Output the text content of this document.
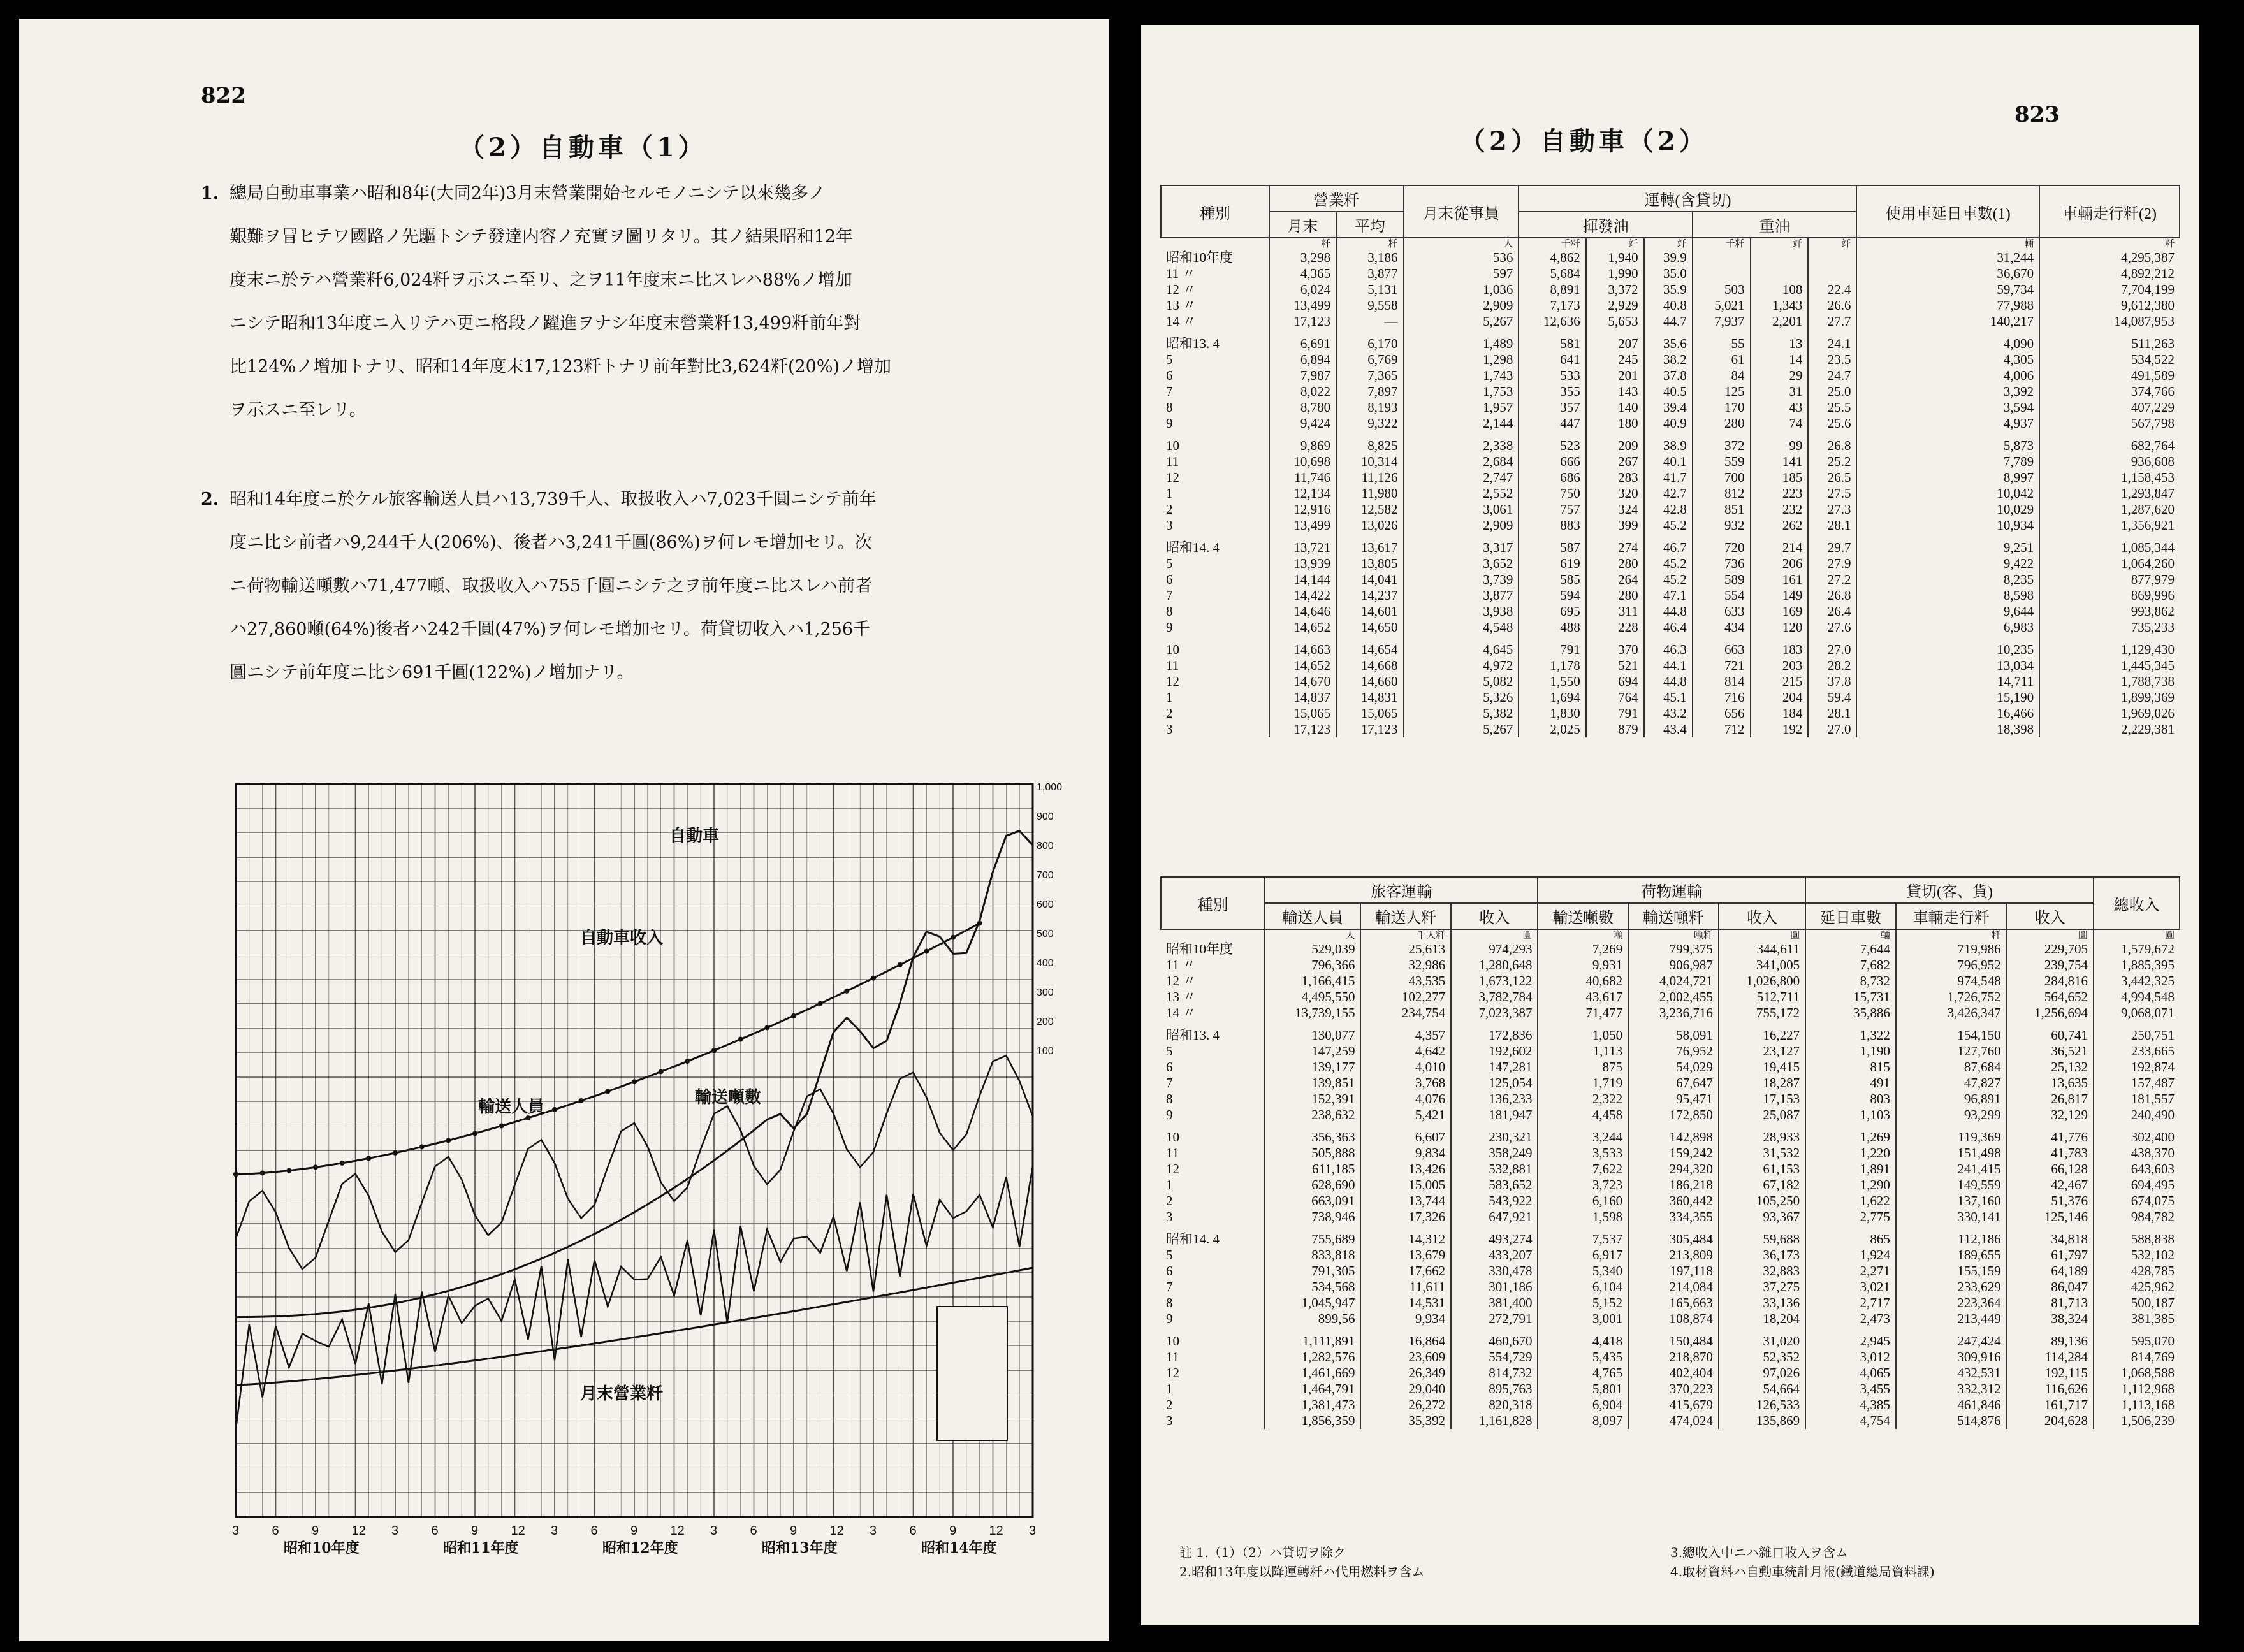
822
（2）自動車（1）
1. 總局自動車事業ハ昭和8年(大同2年)3月末營業開始セルモノニシテ以來幾多ノ
艱難ヲ冒ヒテワ國路ノ先驅トシテ發達内容ノ充實ヲ圖リタリ。其ノ結果昭和12年
度末ニ於テハ營業粁6,024粁ヲ示スニ至リ、之ヲ11年度末ニ比スレハ88%ノ增加
ニシテ昭和13年度ニ入リテハ更ニ格段ノ躍進ヲナシ年度末營業粁13,499粁前年對
比124%ノ增加トナリ、昭和14年度末17,123粁トナリ前年對比3,624粁(20%)ノ增加
ヲ示スニ至レリ。
2. 昭和14年度ニ於ケル旅客輸送人員ハ13,739千人、取扱收入ハ7,023千圓ニシテ前年
度ニ比シ前者ハ9,244千人(206%)、後者ハ3,241千圓(86%)ヲ何レモ增加セリ。次
ニ荷物輸送噸數ハ71,477噸、取扱收入ハ755千圓ニシテ之ヲ前年度ニ比スレハ前者
ハ27,860噸(64%)後者ハ242千圓(47%)ヲ何レモ增加セリ。荷貸切收入ハ1,256千
圓ニシテ前年度ニ比シ691千圓(122%)ノ增加ナリ。
1,000
900
800
700
600
500
400
300
200
100
3	6	9	12 3	6	9	12 3	6	9	12 3	6	9	12 3	6	9	12 3
昭和10年度	昭和11年度	昭和12年度	昭和13年度	昭和14年度
自動車
自動車收入
輸送人員	輸送噸數
月末營業粁
823
（2）自動車（2）
種別	營業粁		月末從事員	運轉(含貸切)						使用車延日車數(1)	車輛走行粁(2)
	月末	平均		揮發油			重油				
	粁	粁	人	千粁	竏	竏	千粁	竏	竏	輛	粁
昭和10年度	3,298	3,186	536	4,862	1,940	39.9				31,244	4,295,387
11 〃	4,365	3,877	597	5,684	1,990	35.0				36,670	4,892,212
12 〃	6,024	5,131	1,036	8,891	3,372	35.9	503	108	22.4	59,734	7,704,199
13 〃	13,499	9,558	2,909	7,173	2,929	40.8	5,021	1,343	26.6	77,988	9,612,380
14 〃	17,123	—	5,267	12,636	5,653	44.7	7,937	2,201	27.7	140,217	14,087,953

昭和13. 4	6,691	6,170	1,489	581	207	35.6	55	13	24.1	4,090	511,263
5	6,894	6,769	1,298	641	245	38.2	61	14	23.5	4,305	534,522
6	7,987	7,365	1,743	533	201	37.8	84	29	24.7	4,006	491,589
7	8,022	7,897	1,753	355	143	40.5	125	31	25.0	3,392	374,766
8	8,780	8,193	1,957	357	140	39.4	170	43	25.5	3,594	407,229
9	9,424	9,322	2,144	447	180	40.9	280	74	25.6	4,937	567,798

10	9,869	8,825	2,338	523	209	38.9	372	99	26.8	5,873	682,764
11	10,698	10,314	2,684	666	267	40.1	559	141	25.2	7,789	936,608
12	11,746	11,126	2,747	686	283	41.7	700	185	26.5	8,997	1,158,453
1	12,134	11,980	2,552	750	320	42.7	812	223	27.5	10,042	1,293,847
2	12,916	12,582	3,061	757	324	42.8	851	232	27.3	10,029	1,287,620
3	13,499	13,026	2,909	883	399	45.2	932	262	28.1	10,934	1,356,921

昭和14. 4	13,721	13,617	3,317	587	274	46.7	720	214	29.7	9,251	1,085,344
5	13,939	13,805	3,652	619	280	45.2	736	206	27.9	9,422	1,064,260
6	14,144	14,041	3,739	585	264	45.2	589	161	27.2	8,235	877,979
7	14,422	14,237	3,877	594	280	47.1	554	149	26.8	8,598	869,996
8	14,646	14,601	3,938	695	311	44.8	633	169	26.4	9,644	993,862
9	14,652	14,650	4,548	488	228	46.4	434	120	27.6	6,983	735,233

10	14,663	14,654	4,645	791	370	46.3	663	183	27.0	10,235	1,129,430
11	14,652	14,668	4,972	1,178	521	44.1	721	203	28.2	13,034	1,445,345
12	14,670	14,660	5,082	1,550	694	44.8	814	215	37.8	14,711	1,788,738
1	14,837	14,831	5,326	1,694	764	45.1	716	204	59.4	15,190	1,899,369
2	15,065	15,065	5,382	1,830	791	43.2	656	184	28.1	16,466	1,969,026
3	17,123	17,123	5,267	2,025	879	43.4	712	192	27.0	18,398	2,229,381
種別	旅客運輸			荷物運輸			貸切(客、貨)			總收入
	輸送人員	輸送人粁	收入	輸送噸數	輸送噸粁	收入	延日車數	車輛走行粁	收入	
	人	千人粁	圓	噸	噸粁	圓	輛	粁	圓	圓
昭和10年度	529,039	25,613	974,293	7,269	799,375	344,611	7,644	719,986	229,705	1,579,672
11 〃	796,366	32,986	1,280,648	9,931	906,987	341,005	7,682	796,952	239,754	1,885,395
12 〃	1,166,415	43,535	1,673,122	40,682	4,024,721	1,026,800	8,732	974,548	284,816	3,442,325
13 〃	4,495,550	102,277	3,782,784	43,617	2,002,455	512,711	15,731	1,726,752	564,652	4,994,548
14 〃	13,739,155	234,754	7,023,387	71,477	3,236,716	755,172	35,886	3,426,347	1,256,694	9,068,071

昭和13. 4	130,077	4,357	172,836	1,050	58,091	16,227	1,322	154,150	60,741	250,751
5	147,259	4,642	192,602	1,113	76,952	23,127	1,190	127,760	36,521	233,665
6	139,177	4,010	147,281	875	54,029	19,415	815	87,684	25,132	192,874
7	139,851	3,768	125,054	1,719	67,647	18,287	491	47,827	13,635	157,487
8	152,391	4,076	136,233	2,322	95,471	17,153	803	96,891	26,817	181,557
9	238,632	5,421	181,947	4,458	172,850	25,087	1,103	93,299	32,129	240,490

10	356,363	6,607	230,321	3,244	142,898	28,933	1,269	119,369	41,776	302,400
11	505,888	9,834	358,249	3,533	159,242	31,532	1,220	151,498	41,783	438,370
12	611,185	13,426	532,881	7,622	294,320	61,153	1,891	241,415	66,128	643,603
1	628,690	15,005	583,652	3,723	186,218	67,182	1,290	149,559	42,467	694,495
2	663,091	13,744	543,922	6,160	360,442	105,250	1,622	137,160	51,376	674,075
3	738,946	17,326	647,921	1,598	334,355	93,367	2,775	330,141	125,146	984,782

昭和14. 4	755,689	14,312	493,274	7,537	305,484	59,688	865	112,186	34,818	588,838
5	833,818	13,679	433,207	6,917	213,809	36,173	1,924	189,655	61,797	532,102
6	791,305	17,662	330,478	5,340	197,118	32,883	2,271	155,159	64,189	428,785
7	534,568	11,611	301,186	6,104	214,084	37,275	3,021	233,629	86,047	425,962
8	1,045,947	14,531	381,400	5,152	165,663	33,136	2,717	223,364	81,713	500,187
9	899,56	9,934	272,791	3,001	108,874	18,204	2,473	213,449	38,324	381,385

10	1,111,891	16,864	460,670	4,418	150,484	31,020	2,945	247,424	89,136	595,070
11	1,282,576	23,609	554,729	5,435	218,870	52,352	3,012	309,916	114,284	814,769
12	1,461,669	26,349	814,732	4,765	402,404	97,026	4,065	432,531	192,115	1,068,588
1	1,464,791	29,040	895,763	5,801	370,223	54,664	3,455	332,312	116,626	1,112,968
2	1,381,473	26,272	820,318	6,904	415,679	126,533	4,385	461,846	161,717	1,113,168
3	1,856,359	35,392	1,161,828	8,097	474,024	135,869	4,754	514,876	204,628	1,506,239
註 1.（1）（2）ハ貸切ヲ除ク	3.總收入中ニハ雜口收入ヲ含ム
2.昭和13年度以降運轉粁ハ代用燃料ヲ含ム	4.取材資料ハ自動車統計月報(鐵道總局資料課)
